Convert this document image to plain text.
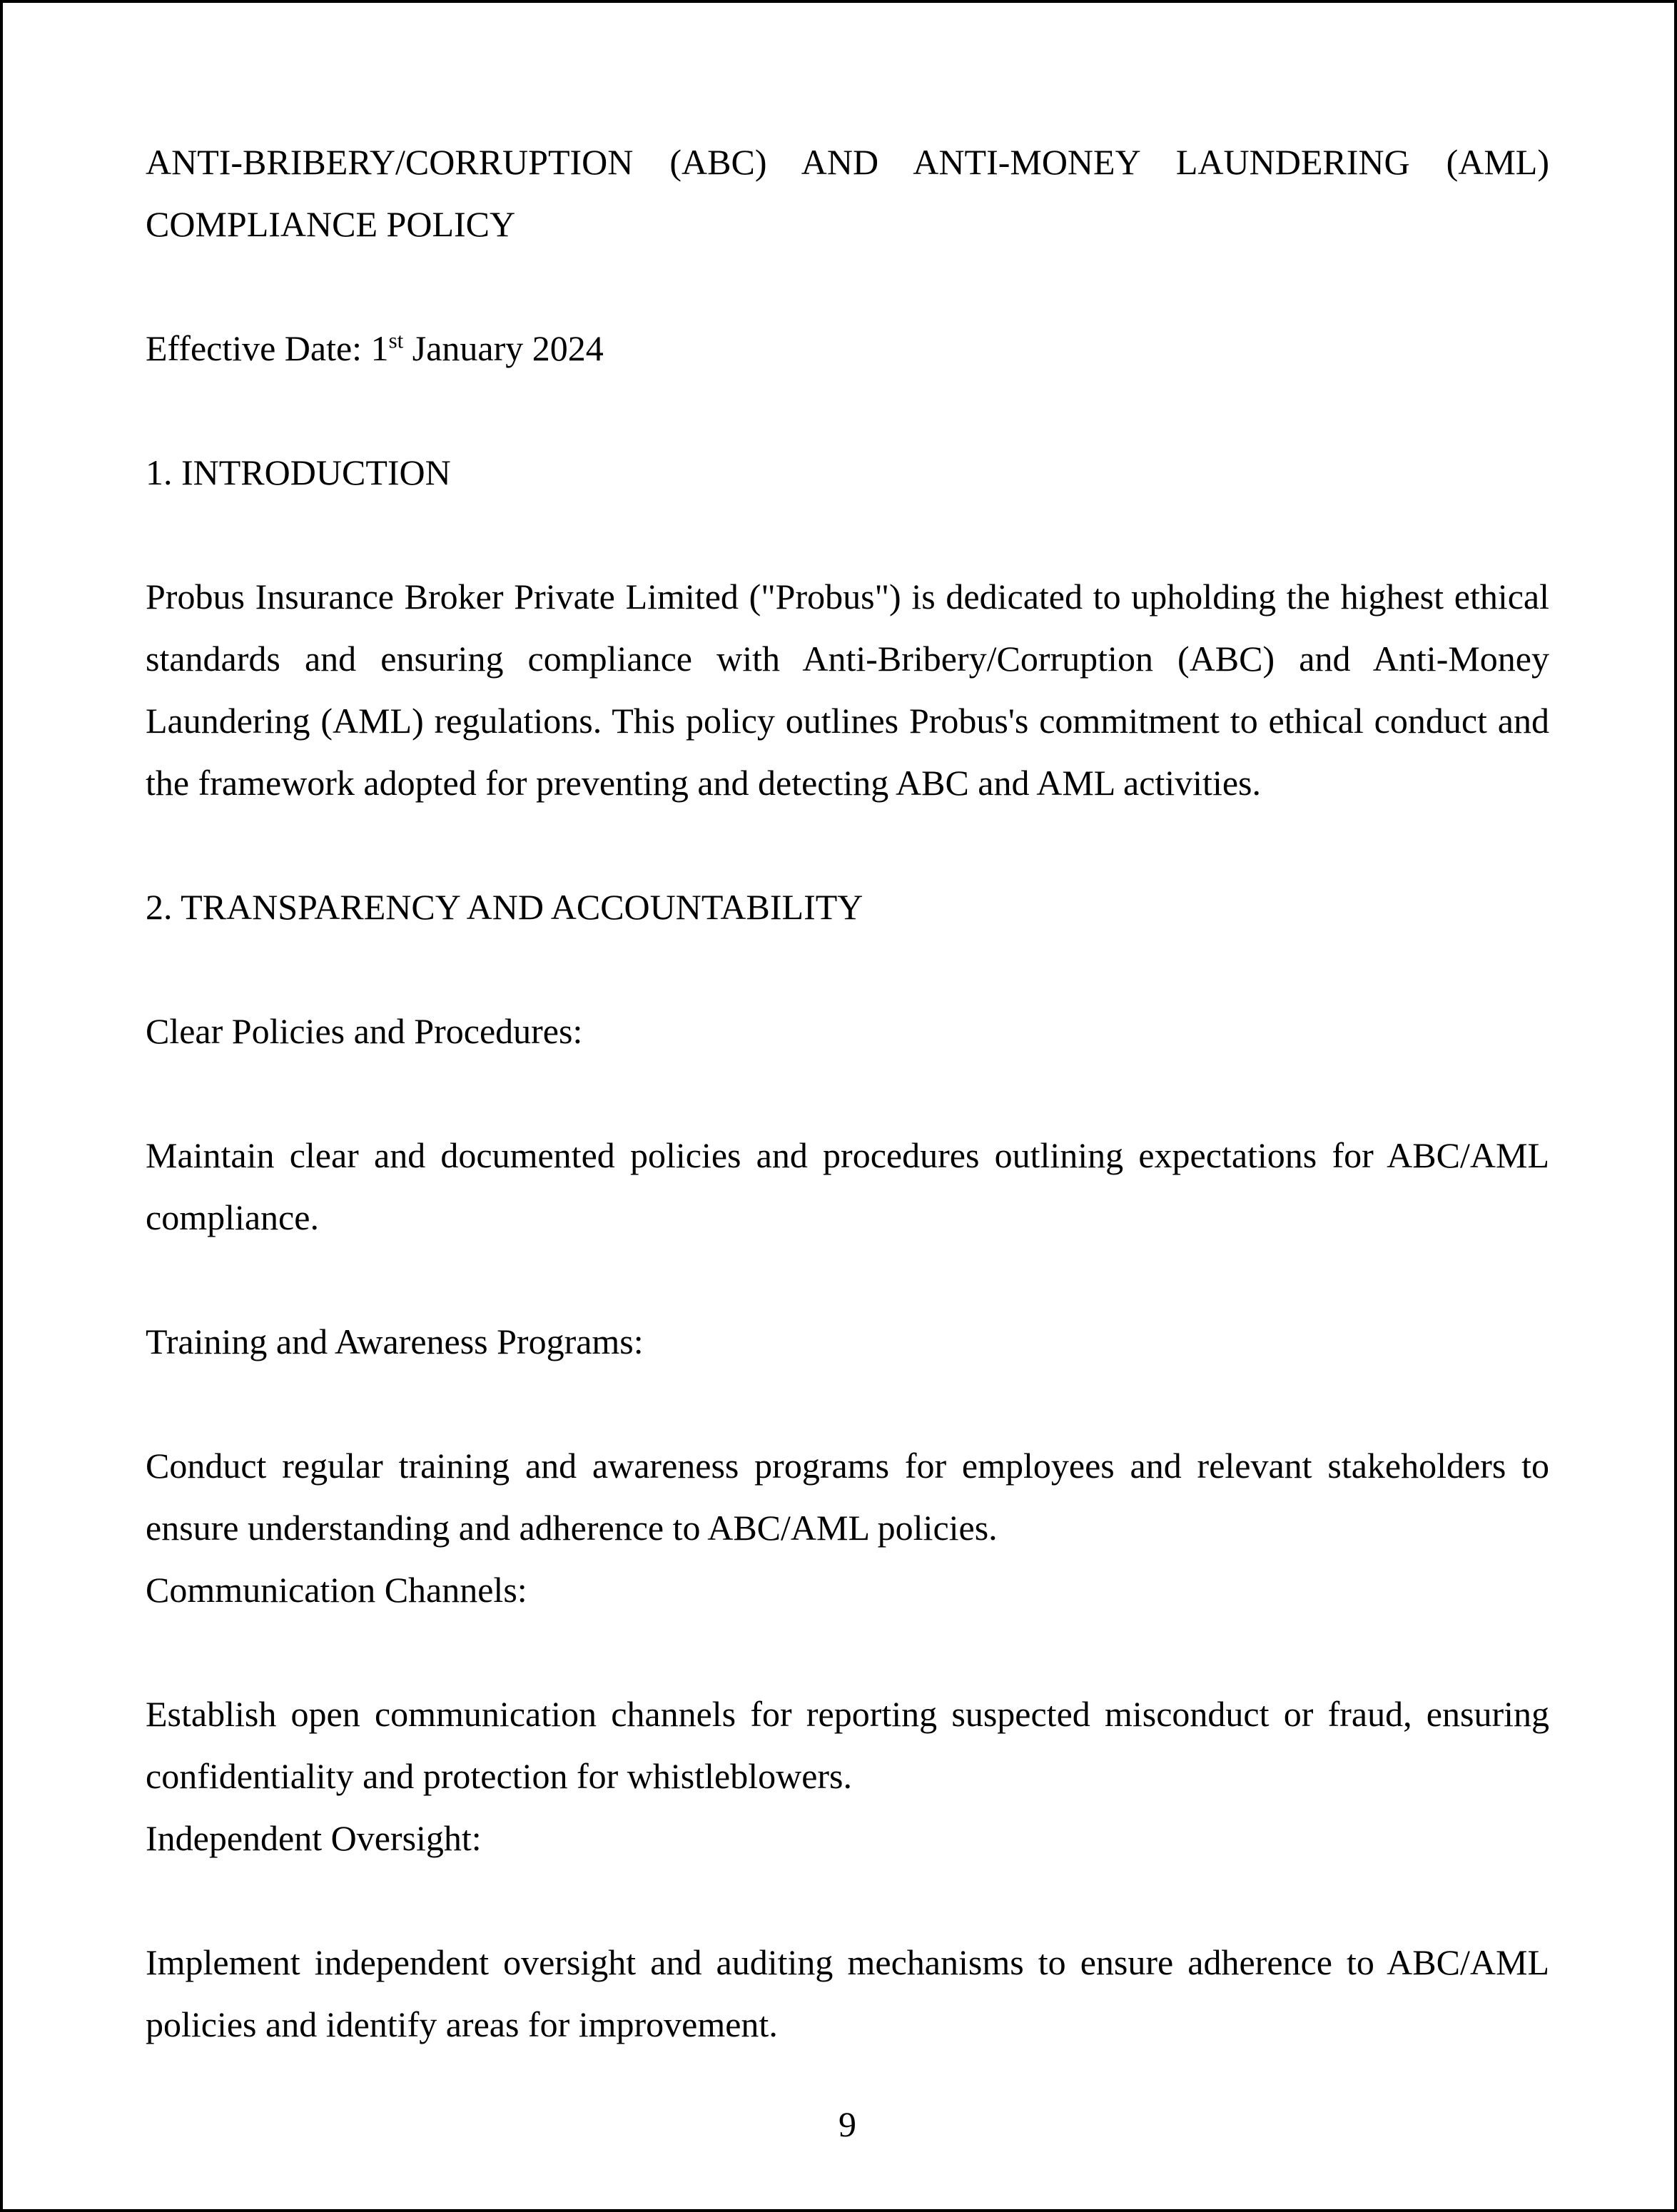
ANTI-BRIBERY/CORRUPTION (ABC) AND ANTI-MONEY LAUNDERING (AML) COMPLIANCE POLICY

Effective Date: 1st January 2024

1. INTRODUCTION

Probus Insurance Broker Private Limited ("Probus") is dedicated to upholding the highest ethical standards and ensuring compliance with Anti-Bribery/Corruption (ABC) and Anti-Money Laundering (AML) regulations. This policy outlines Probus's commitment to ethical conduct and the framework adopted for preventing and detecting ABC and AML activities.

2. TRANSPARENCY AND ACCOUNTABILITY

Clear Policies and Procedures:

Maintain clear and documented policies and procedures outlining expectations for ABC/AML compliance.

Training and Awareness Programs:

Conduct regular training and awareness programs for employees and relevant stakeholders to ensure understanding and adherence to ABC/AML policies.

Communication Channels:

Establish open communication channels for reporting suspected misconduct or fraud, ensuring confidentiality and protection for whistleblowers.

Independent Oversight:

Implement independent oversight and auditing mechanisms to ensure adherence to ABC/AML policies and identify areas for improvement.

9
